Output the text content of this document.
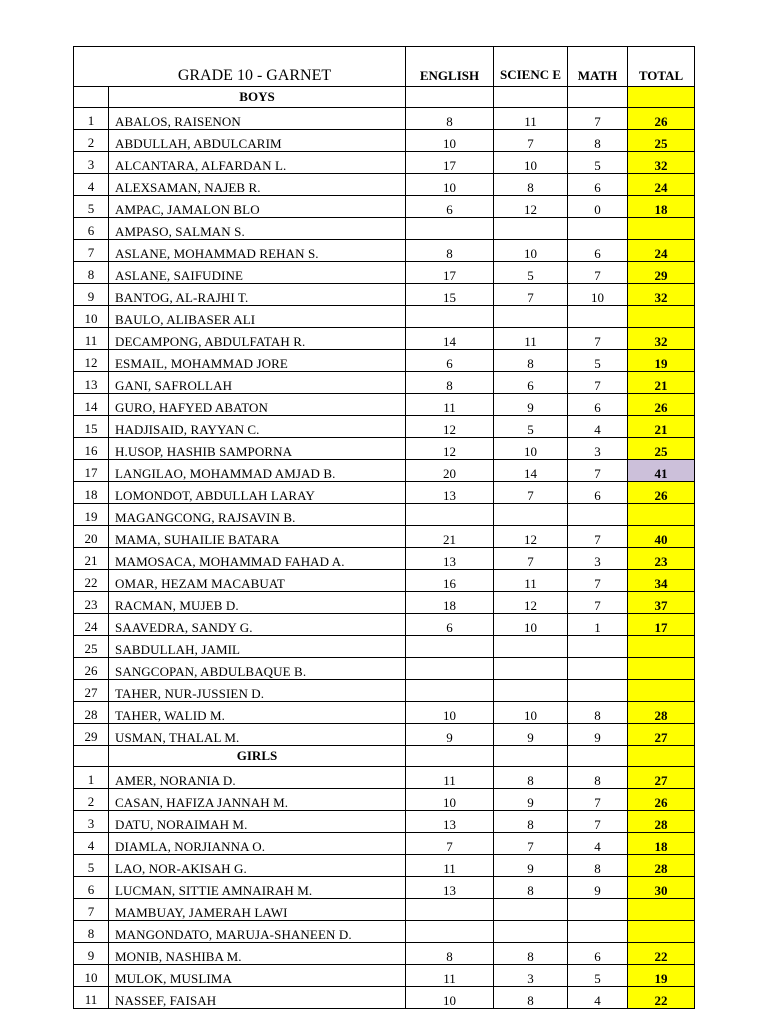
GRADE 10 - GARNET		ENGLISH	SCIENC E	MATH	TOTAL
	BOYS				
1	ABALOS, RAISENON	8	11	7	26
2	ABDULLAH, ABDULCARIM	10	7	8	25
3	ALCANTARA, ALFARDAN L.	17	10	5	32
4	ALEXSAMAN, NAJEB R.	10	8	6	24
5	AMPAC, JAMALON BLO	6	12	0	18
6	AMPASO, SALMAN S.				
7	ASLANE, MOHAMMAD REHAN S.	8	10	6	24
8	ASLANE, SAIFUDINE	17	5	7	29
9	BANTOG, AL-RAJHI T.	15	7	10	32
10	BAULO, ALIBASER ALI				
11	DECAMPONG, ABDULFATAH R.	14	11	7	32
12	ESMAIL, MOHAMMAD JORE	6	8	5	19
13	GANI, SAFROLLAH	8	6	7	21
14	GURO, HAFYED ABATON	11	9	6	26
15	HADJISAID, RAYYAN C.	12	5	4	21
16	H.USOP, HASHIB SAMPORNA	12	10	3	25
17	LANGILAO, MOHAMMAD AMJAD B.	20	14	7	41
18	LOMONDOT, ABDULLAH LARAY	13	7	6	26
19	MAGANGCONG, RAJSAVIN B.				
20	MAMA, SUHAILIE BATARA	21	12	7	40
21	MAMOSACA, MOHAMMAD FAHAD A.	13	7	3	23
22	OMAR, HEZAM MACABUAT	16	11	7	34
23	RACMAN, MUJEB D.	18	12	7	37
24	SAAVEDRA, SANDY G.	6	10	1	17
25	SABDULLAH, JAMIL				
26	SANGCOPAN, ABDULBAQUE B.				
27	TAHER, NUR-JUSSIEN D.				
28	TAHER, WALID M.	10	10	8	28
29	USMAN, THALAL M.	9	9	9	27
	GIRLS				
1	AMER, NORANIA D.	11	8	8	27
2	CASAN, HAFIZA JANNAH M.	10	9	7	26
3	DATU, NORAIMAH M.	13	8	7	28
4	DIAMLA, NORJIANNA O.	7	7	4	18
5	LAO, NOR-AKISAH G.	11	9	8	28
6	LUCMAN, SITTIE AMNAIRAH M.	13	8	9	30
7	MAMBUAY, JAMERAH LAWI				
8	MANGONDATO, MARUJA-SHANEEN D.				
9	MONIB, NASHIBA M.	8	8	6	22
10	MULOK, MUSLIMA	11	3	5	19
11	NASSEF, FAISAH	10	8	4	22
